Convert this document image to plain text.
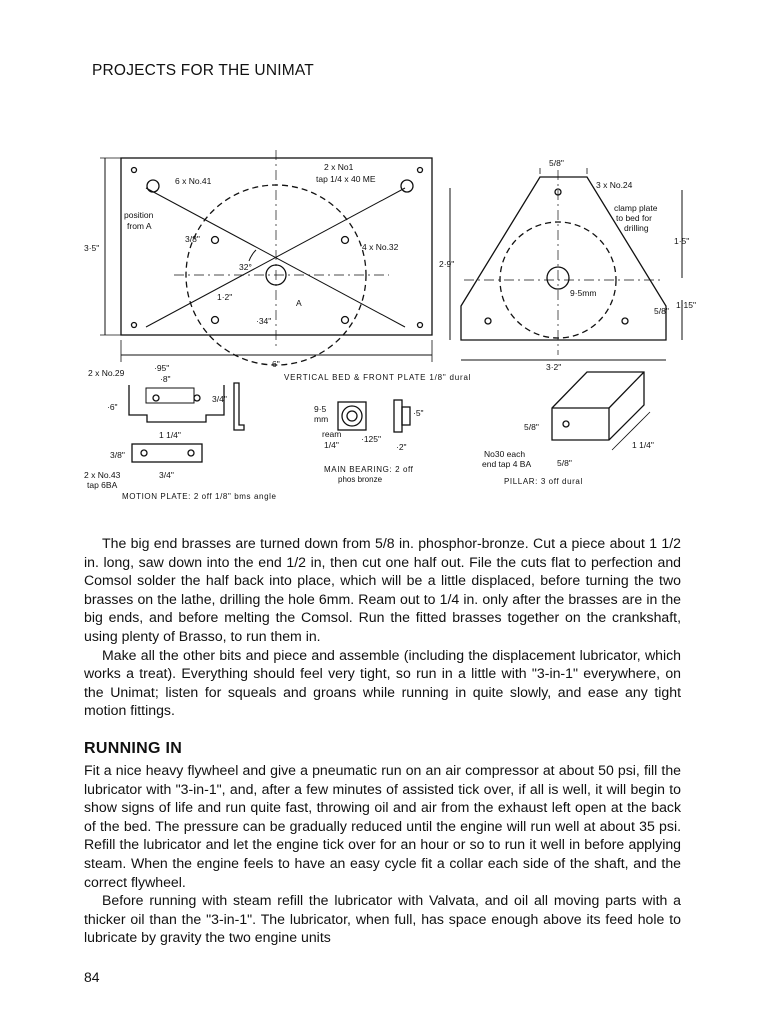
PROJECTS FOR THE UNIMAT
6 x No.41
2 x No1
tap 1/4 x 40 ME
position
from A
4 x No.32
3·5"
3/8"
32°
1·2"
A
·34"
6"
5/8"
3 x No.24
clamp plate
to bed for
drilling
2·9"
1·5"
9·5mm
1·15"
5/8"
3·2"
VERTICAL BED & FRONT PLATE 1/8" dural
2 x No.29	·95"
·8"
·6"
3/4"
1 1/4"
3/8"
2 x No.43
tap 6BA
3/4"
MOTION PLATE: 2 off 1/8" bms angle
9·5
mm
ream
1/4"
·125"
·5"
·2"
MAIN BEARING: 2 off
phos bronze
5/8"
1 1/4"
5/8"
No30 each
end tap 4 BA
PILLAR: 3 off dural

The big end brasses are turned down from 5/8 in. phosphor-bronze. Cut a piece about 1 1/2 in. long, saw down into the end 1/2 in, then cut one half out. File the cuts flat to perfection and Comsol solder the half back into place, which will be a little displaced, before turning the two brasses on the lathe, drilling the hole 6mm. Ream out to 1/4 in. only after the brasses are in the big ends, and before melting the Comsol. Run the fitted brasses together on the crankshaft, using plenty of Brasso, to run them in.

Make all the other bits and piece and assemble (including the displacement lubricator, which works a treat). Everything should feel very tight, so run in a little with "3-in-1" everywhere, on the Unimat; listen for squeals and groans while running in quite slowly, and ease any tight motion fittings.

RUNNING IN

Fit a nice heavy flywheel and give a pneumatic run on an air compressor at about 50 psi, fill the lubricator with "3-in-1", and, after a few minutes of assisted tick over, if all is well, it will begin to show signs of life and run quite fast, throwing oil and air from the exhaust left open at the back of the bed. The pressure can be gradually reduced until the engine will run well at about 35 psi. Refill the lubricator and let the engine tick over for an hour or so to run it well in before applying steam. When the engine feels to have an easy cycle fit a collar each side of the shaft, and the correct flywheel.

Before running with steam refill the lubricator with Valvata, and oil all moving parts with a thicker oil than the "3-in-1". The lubricator, when full, has space enough above its feed hole to lubricate by gravity the two engine units

84
